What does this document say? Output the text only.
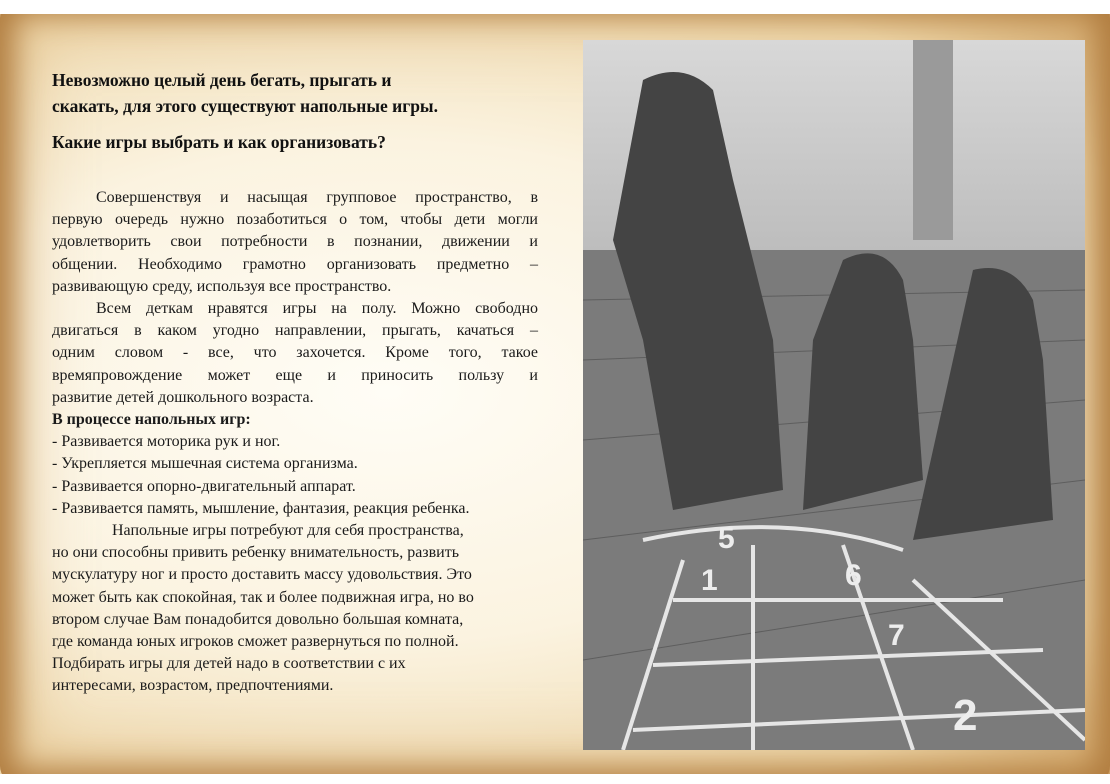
Невозможно целый день бегать, прыгать и
скакать, для этого существуют напольные игры.
Какие игры выбрать и как организовать?
Совершенствуя и насыщая групповое пространство, в
первую очередь нужно позаботиться о том, чтобы дети могли
удовлетворить свои потребности в познании, движении и
общении. Необходимо грамотно организовать предметно –
развивающую среду, используя все пространство.
Всем деткам нравятся игры на полу. Можно свободно
двигаться в каком угодно направлении, прыгать, качаться –
одним словом - все, что захочется. Кроме того, такое
времяпровождение может еще и приносить пользу и
развитие детей дошкольного возраста.
В процессе напольных игр:
- Развивается моторика рук и ног.
- Укрепляется мышечная система организма.
- Развивается опорно-двигательный аппарат.
- Развивается память, мышление, фантазия, реакция ребенка.
Напольные игры потребуют для себя пространства,
но они способны привить ребенку внимательность, развить
мускулатуру ног и просто доставить массу удовольствия. Это
может быть как спокойная, так и более подвижная игра, но во
втором случае Вам понадобится довольно большая комната,
где команда юных игроков сможет развернуться по полной.
Подбирать игры для детей надо в соответствии с их
интересами, возрастом, предпочтениями.
5
1	6
7
2
